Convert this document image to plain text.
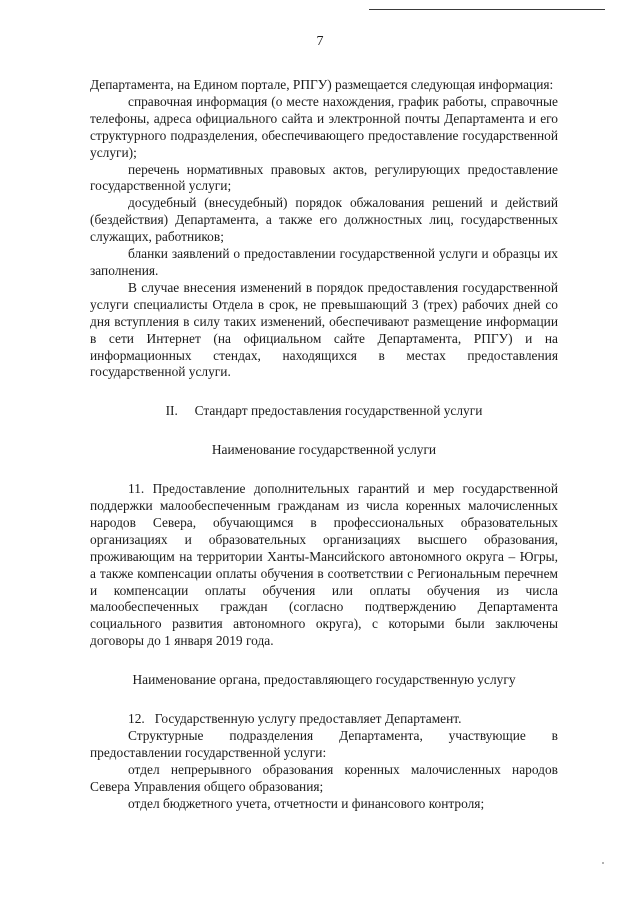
7

Департамента, на Едином портале, РПГУ) размещается следующая информация:

справочная информация (о месте нахождения, график работы, справочные телефоны, адреса официального сайта и электронной почты Департамента и его структурного подразделения, обеспечивающего предоставление государственной услуги);

перечень нормативных правовых актов, регулирующих предоставление государственной услуги;

досудебный (внесудебный) порядок обжалования решений и действий (бездействия) Департамента, а также его должностных лиц, государственных служащих, работников;

бланки заявлений о предоставлении государственной услуги и образцы их заполнения.

В случае внесения изменений в порядок предоставления государственной услуги специалисты Отдела в срок, не превышающий 3 (трех) рабочих дней со дня вступления в силу таких изменений, обеспечивают размещение информации в сети Интернет (на официальном сайте Департамента, РПГУ) и на информационных стендах, находящихся в местах предоставления государственной услуги.

II.     Стандарт предоставления государственной услуги

Наименование государственной услуги

11. Предоставление дополнительных гарантий и мер государственной поддержки малообеспеченным гражданам из числа коренных малочисленных народов Севера, обучающимся в профессиональных образовательных организациях и образовательных организациях высшего образования, проживающим на территории Ханты-Мансийского автономного округа – Югры, а также компенсации оплаты обучения в соответствии с Региональным перечнем и компенсации оплаты обучения или оплаты обучения из числа малообеспеченных граждан (согласно подтверждению Департамента социального развития автономного округа), с которыми были заключены договоры до 1 января 2019 года.

Наименование органа, предоставляющего государственную услугу

12.   Государственную услугу предоставляет Департамент.

Структурные подразделения Департамента, участвующие в предоставлении государственной услуги:

отдел непрерывного образования коренных малочисленных народов Севера Управления общего образования;

отдел бюджетного учета, отчетности и финансового контроля;
